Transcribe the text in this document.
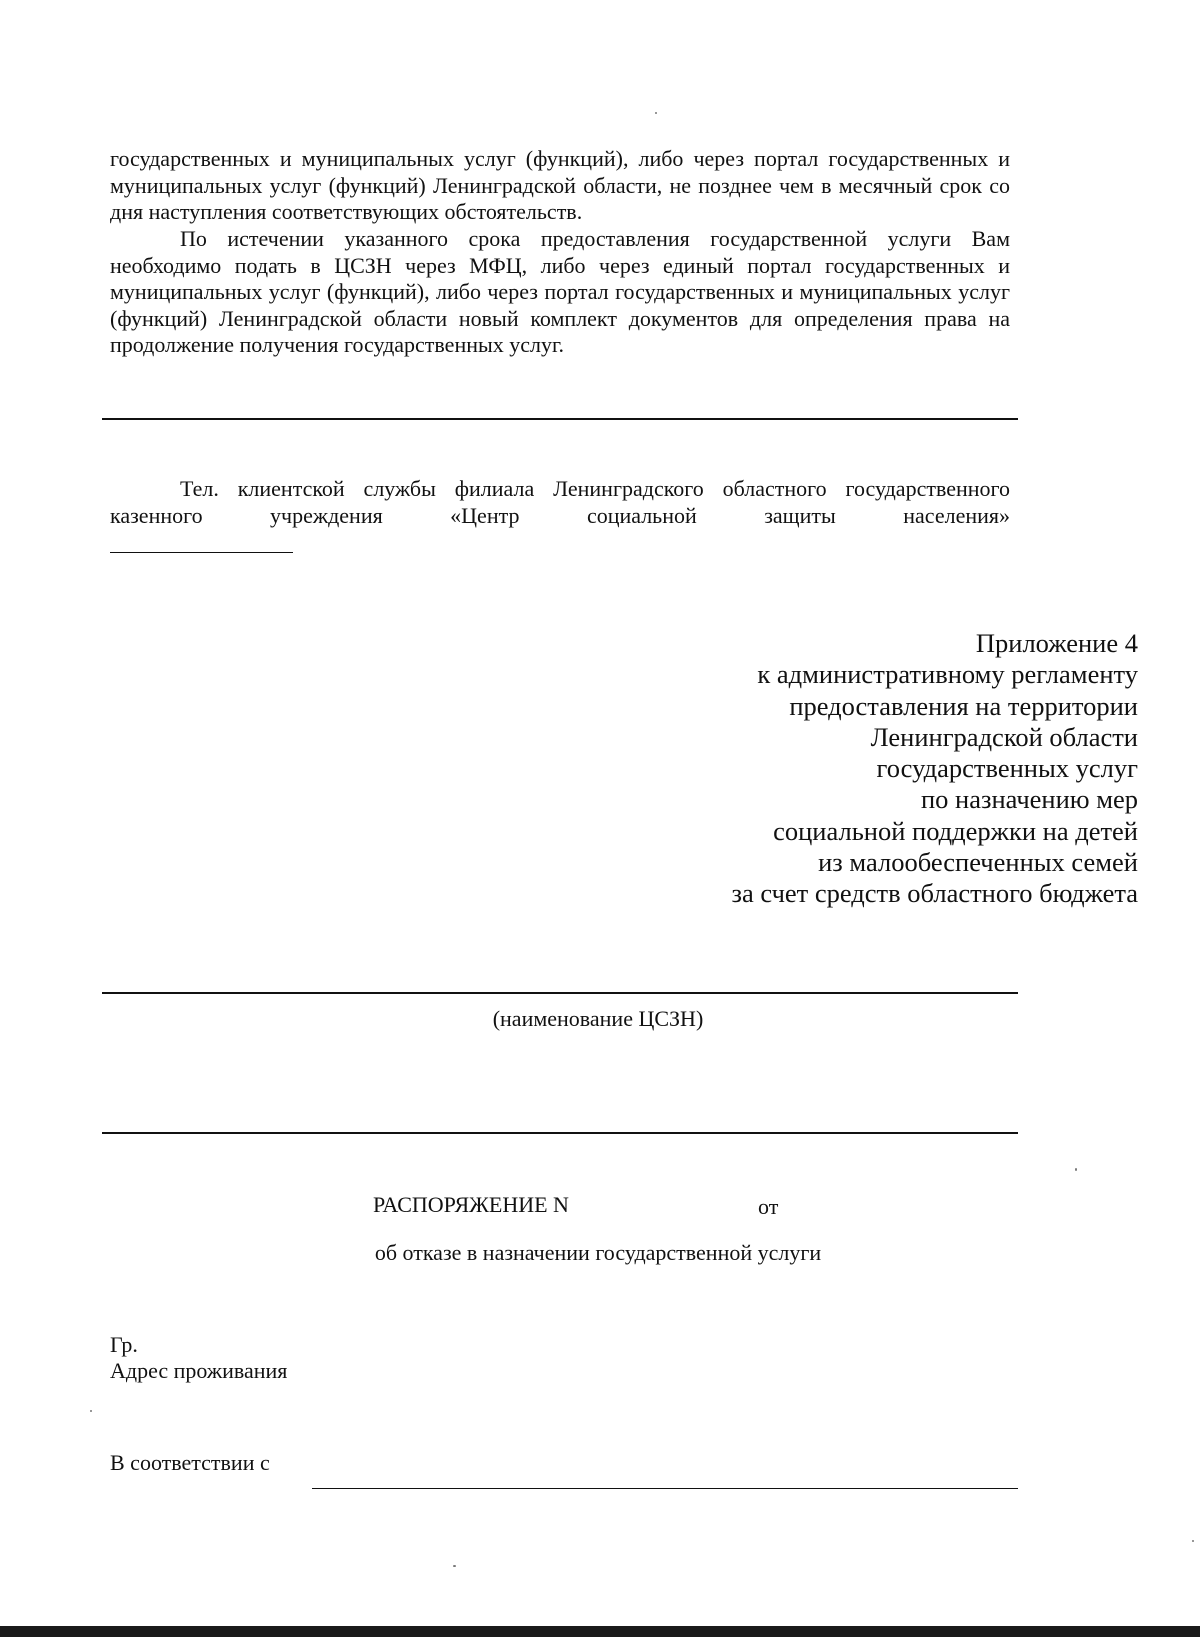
государственных и муниципальных услуг (функций), либо через портал государственных и муниципальных услуг (функций) Ленинградской области, не позднее чем в месячный срок со дня наступления соответствующих обстоятельств.
По истечении указанного срока предоставления государственной услуги Вам необходимо подать в ЦСЗН через МФЦ, либо через единый портал государственных и муниципальных услуг (функций), либо через портал государственных и муниципальных услуг (функций) Ленинградской области новый комплект документов для определения права на продолжение получения государственных услуг.
Тел. клиентской службы филиала Ленинградского областного государственного казенного учреждения «Центр социальной защиты населения»
Приложение 4
к административному регламенту
предоставления на территории
Ленинградской области
государственных услуг
по назначению мер
социальной поддержки на детей
из малообеспеченных семей
за счет средств областного бюджета
(наименование ЦСЗН)
РАСПОРЯЖЕНИЕ N	от
об отказе в назначении государственной услуги
Гр.
Адрес проживания
В соответствии с
